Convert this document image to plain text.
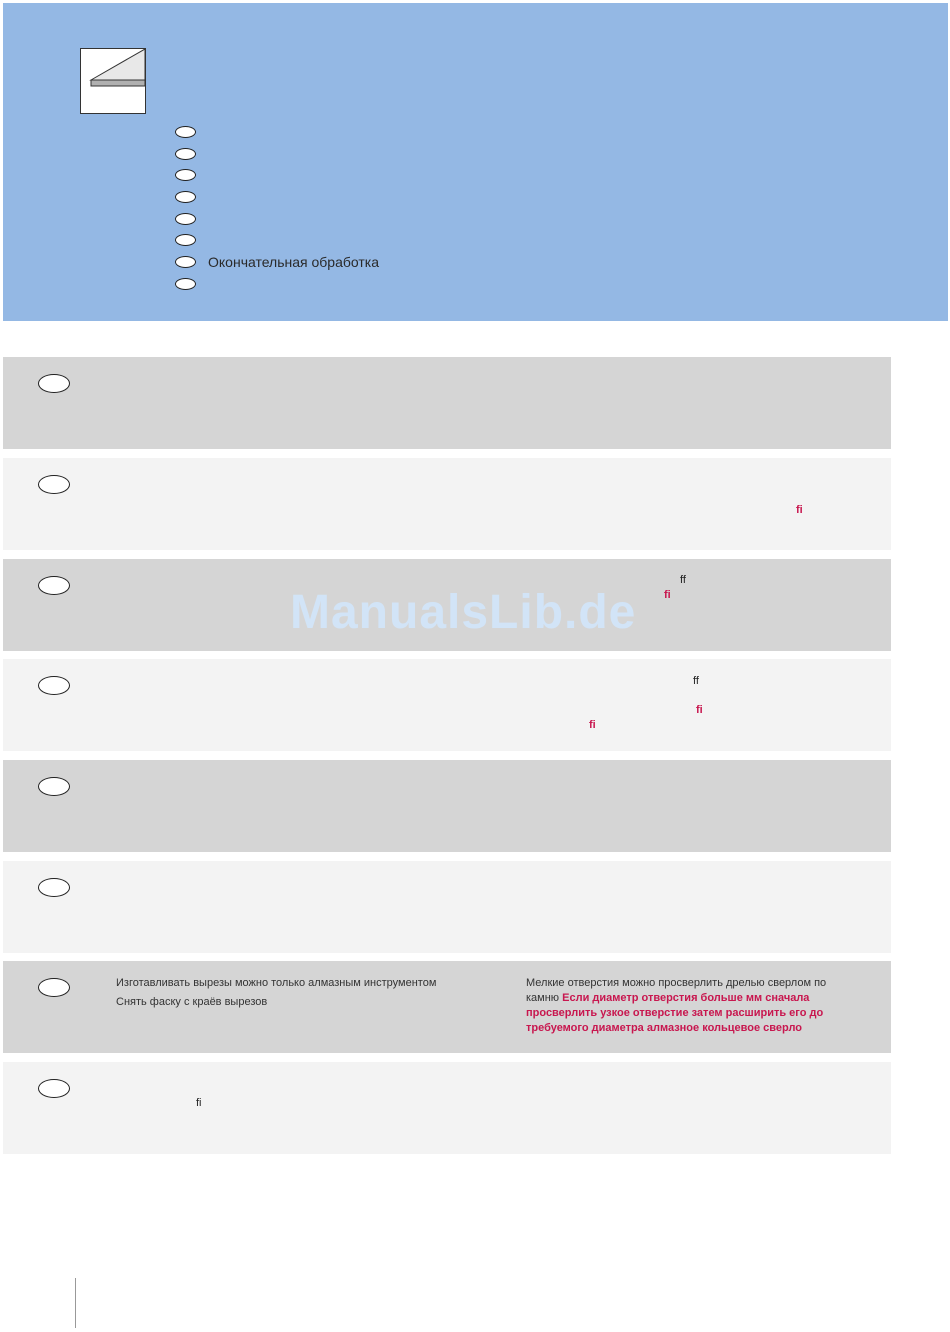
Окончательная обработка
fi
ff
fi
ff
fi
fi
Изготавливать вырезы можно только алмазным инструментом
Снять фаску с краёв вырезов
Мелкие отверстия можно просверлить дрелью сверлом по камню Если диаметр отверстия больше мм сначала просверлить узкое отверстие затем расширить его до требуемого диаметра алмазное кольцевое сверло
fi
ManualsLib.de
